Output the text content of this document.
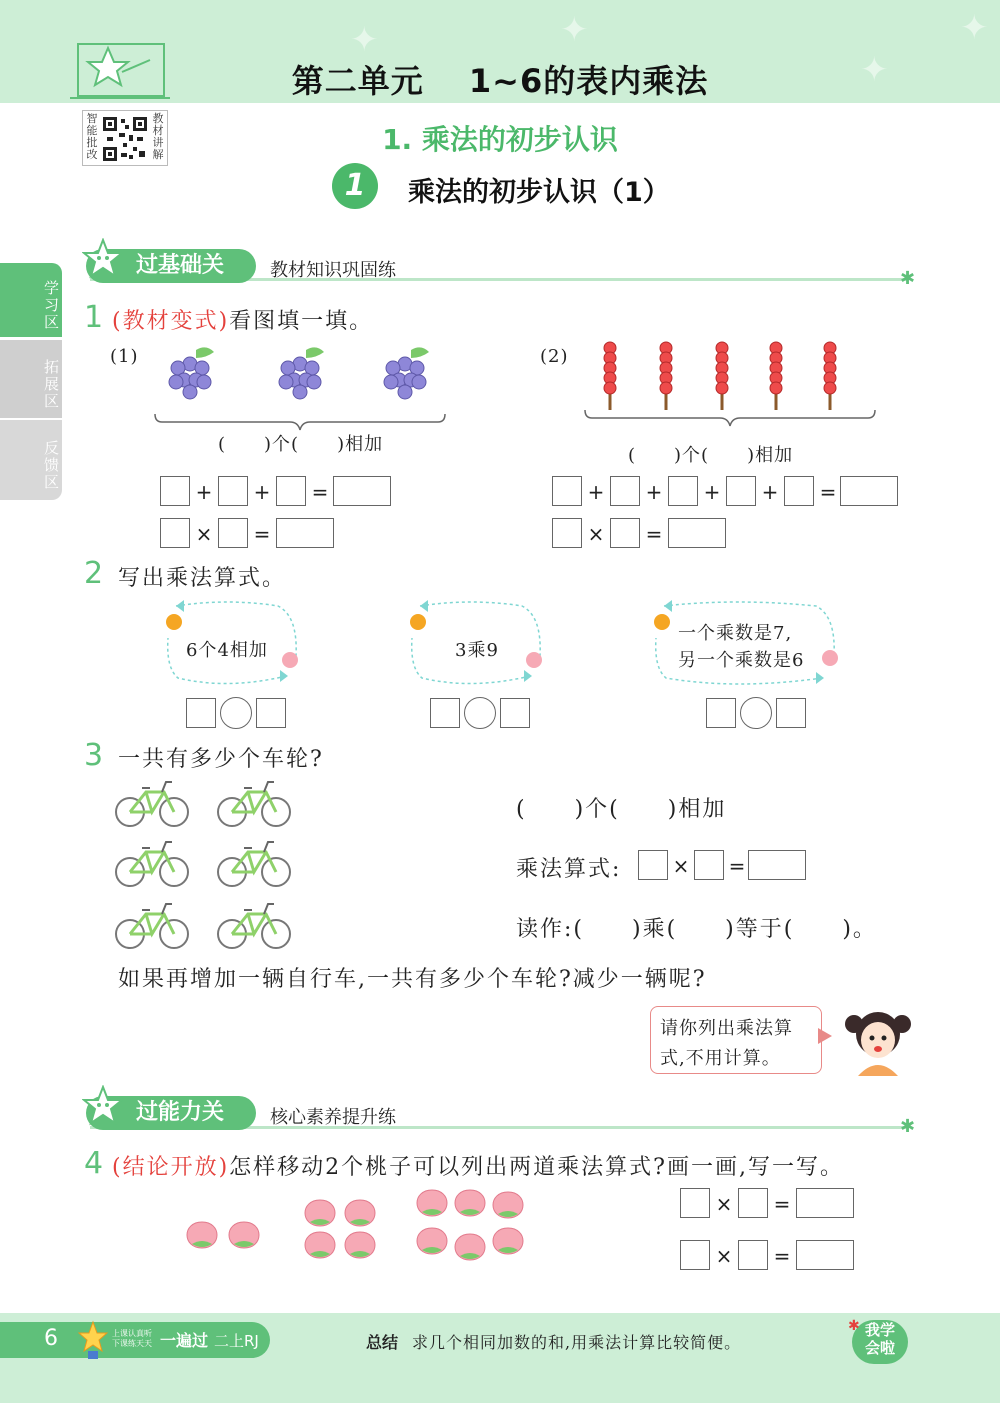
✦	✦
✦
✦
第二单元　 1~6的表内乘法
智能批改
教材讲解	1. 乘法的初步认识
1	乘法的初步认识（1）
学习区
拓展区
反馈区
过基础关	教材知识巩固练	✱
1 (教材变式)看图填一填。
(1)
(　　)个(　　)相加
(2)
(　　)个(　　)相加
+ + =
× =
+ + + + =
× =
2 写出乘法算式。
6个4相加	3乘9
一个乘数是7,
另一个乘数是6
3 一共有多少个车轮?
(　　)个(　　)相加
乘法算式:	× =
读作:(　　)乘(　　)等于(　　)。
如果再增加一辆自行车,一共有多少个车轮?减少一辆呢?
请你列出乘法算
式,不用计算。
过能力关	核心素养提升练	✱
4 (结论开放)怎样移动2个桃子可以列出两道乘法算式?画一画,写一写。
× =
× =
6	上课认真听
下课练天天 一遍过 二上RJ	总结 求几个相同加数的和,用乘法计算比较简便。
✱ 我学
会啦
